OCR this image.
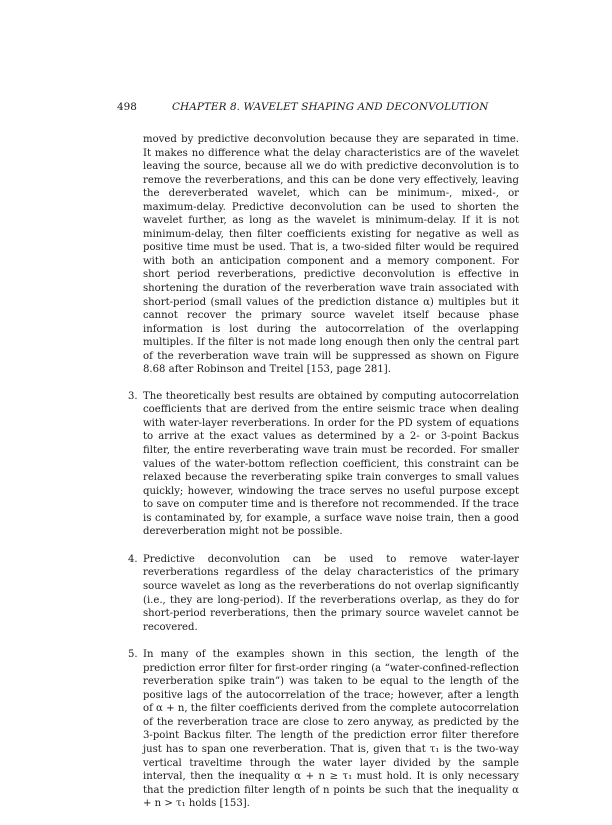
498	CHAPTER 8. WAVELET SHAPING AND DECONVOLUTION

moved by predictive deconvolution because they are separated in time. It makes no difference what the delay characteristics are of the wavelet leaving the source, because all we do with predictive deconvolution is to remove the reverberations, and this can be done very effectively, leaving the dereverberated wavelet, which can be minimum-, mixed-, or maximum-delay. Predictive deconvolution can be used to shorten the wavelet further, as long as the wavelet is minimum-delay. If it is not minimum-delay, then filter coefficients existing for negative as well as positive time must be used. That is, a two-sided filter would be required with both an anticipation component and a memory component. For short period reverberations, predictive deconvolution is effective in shortening the duration of the reverberation wave train associated with short-period (small values of the prediction distance α) multiples but it cannot recover the primary source wavelet itself because phase information is lost during the autocorrelation of the overlapping multiples. If the filter is not made long enough then only the central part of the reverberation wave train will be suppressed as shown on Figure 8.68 after Robinson and Treitel [153, page 281].

3. The theoretically best results are obtained by computing autocorrelation coefficients that are derived from the entire seismic trace when dealing with water-layer reverberations. In order for the PD system of equations to arrive at the exact values as determined by a 2- or 3-point Backus filter, the entire reverberating wave train must be recorded. For smaller values of the water-bottom reflection coefficient, this constraint can be relaxed because the reverberating spike train converges to small values quickly; however, windowing the trace serves no useful purpose except to save on computer time and is therefore not recommended. If the trace is contaminated by, for example, a surface wave noise train, then a good dereverberation might not be possible.
4. Predictive deconvolution can be used to remove water-layer reverberations regardless of the delay characteristics of the primary source wavelet as long as the reverberations do not overlap significantly (i.e., they are long-period). If the reverberations overlap, as they do for short-period reverberations, then the primary source wavelet cannot be recovered.
5. In many of the examples shown in this section, the length of the prediction error filter for first-order ringing (a “water-confined-reflection reverberation spike train”) was taken to be equal to the length of the positive lags of the autocorrelation of the trace; however, after a length of α + n, the filter coefficients derived from the complete autocorrelation of the reverberation trace are close to zero anyway, as predicted by the 3-point Backus filter. The length of the prediction error filter therefore just has to span one reverberation. That is, given that τ₁ is the two-way vertical traveltime through the water layer divided by the sample interval, then the inequality α + n ≥ τ₁ must hold. It is only necessary that the prediction filter length of n points be such that the inequality α + n > τ₁ holds [153].
